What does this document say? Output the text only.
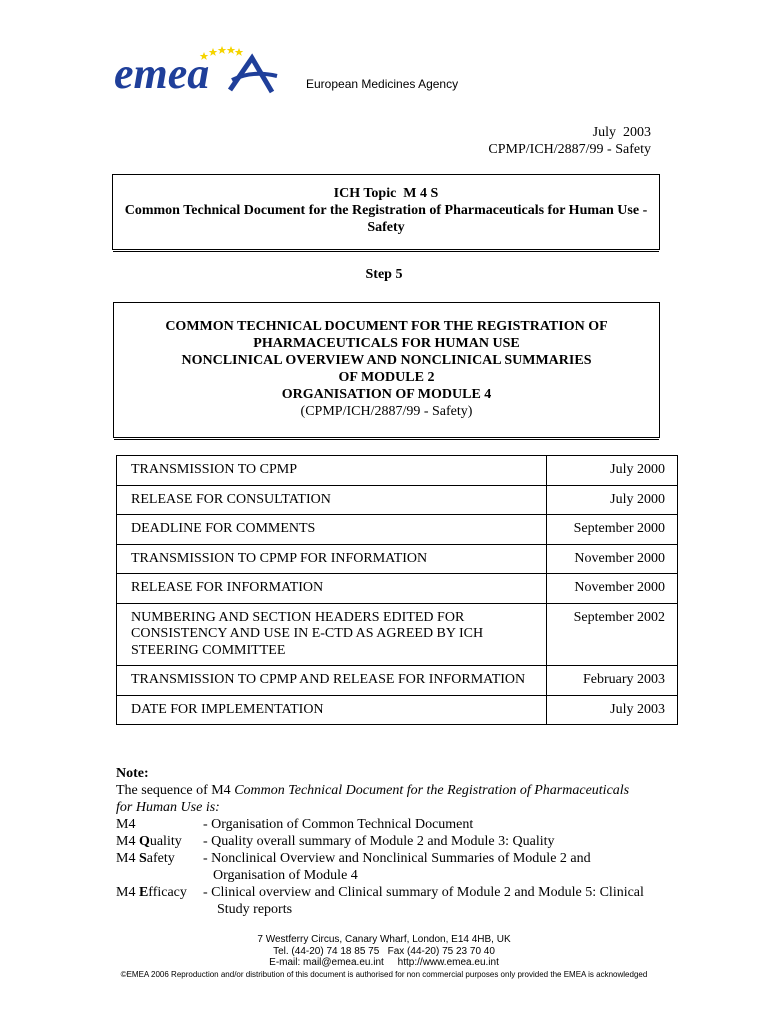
emea	European Medicines Agency
July  2003
CPMP/ICH/2887/99 - Safety
ICH Topic  M 4 S
Common Technical Document for the Registration of Pharmaceuticals for Human Use -
Safety
Step 5
COMMON TECHNICAL DOCUMENT FOR THE REGISTRATION OF
PHARMACEUTICALS FOR HUMAN USE
NONCLINICAL OVERVIEW AND NONCLINICAL SUMMARIES
OF MODULE 2
ORGANISATION OF MODULE 4
(CPMP/ICH/2887/99 - Safety)
TRANSMISSION TO CPMP	July 2000
RELEASE FOR CONSULTATION	July 2000
DEADLINE FOR COMMENTS	September 2000
TRANSMISSION TO CPMP FOR INFORMATION	November 2000
RELEASE FOR INFORMATION	November 2000

NUMBERING AND SECTION HEADERS EDITED FOR
CONSISTENCY AND USE IN E-CTD AS AGREED BY ICH
STEERING COMMITTEE	September 2002
TRANSMISSION TO CPMP AND RELEASE FOR INFORMATION	February 2003
DATE FOR IMPLEMENTATION	July 2003
Note:
The sequence of M4 Common Technical Document for the Registration of Pharmaceuticals
for Human Use is:
M4	- Organisation of Common Technical Document
M4 Quality	- Quality overall summary of Module 2 and Module 3: Quality
M4 Safety	- Nonclinical Overview and Nonclinical Summaries of Module 2 and
Organisation of Module 4
M4 Efficacy	- Clinical overview and Clinical summary of Module 2 and Module 5: Clinical
Study reports
7 Westferry Circus, Canary Wharf, London, E14 4HB, UK
Tel. (44-20) 74 18 85 75   Fax (44-20) 75 23 70 40
E-mail: mail@emea.eu.int     http://www.emea.eu.int
©EMEA 2006 Reproduction and/or distribution of this document is authorised for non commercial purposes only provided the EMEA is acknowledged
